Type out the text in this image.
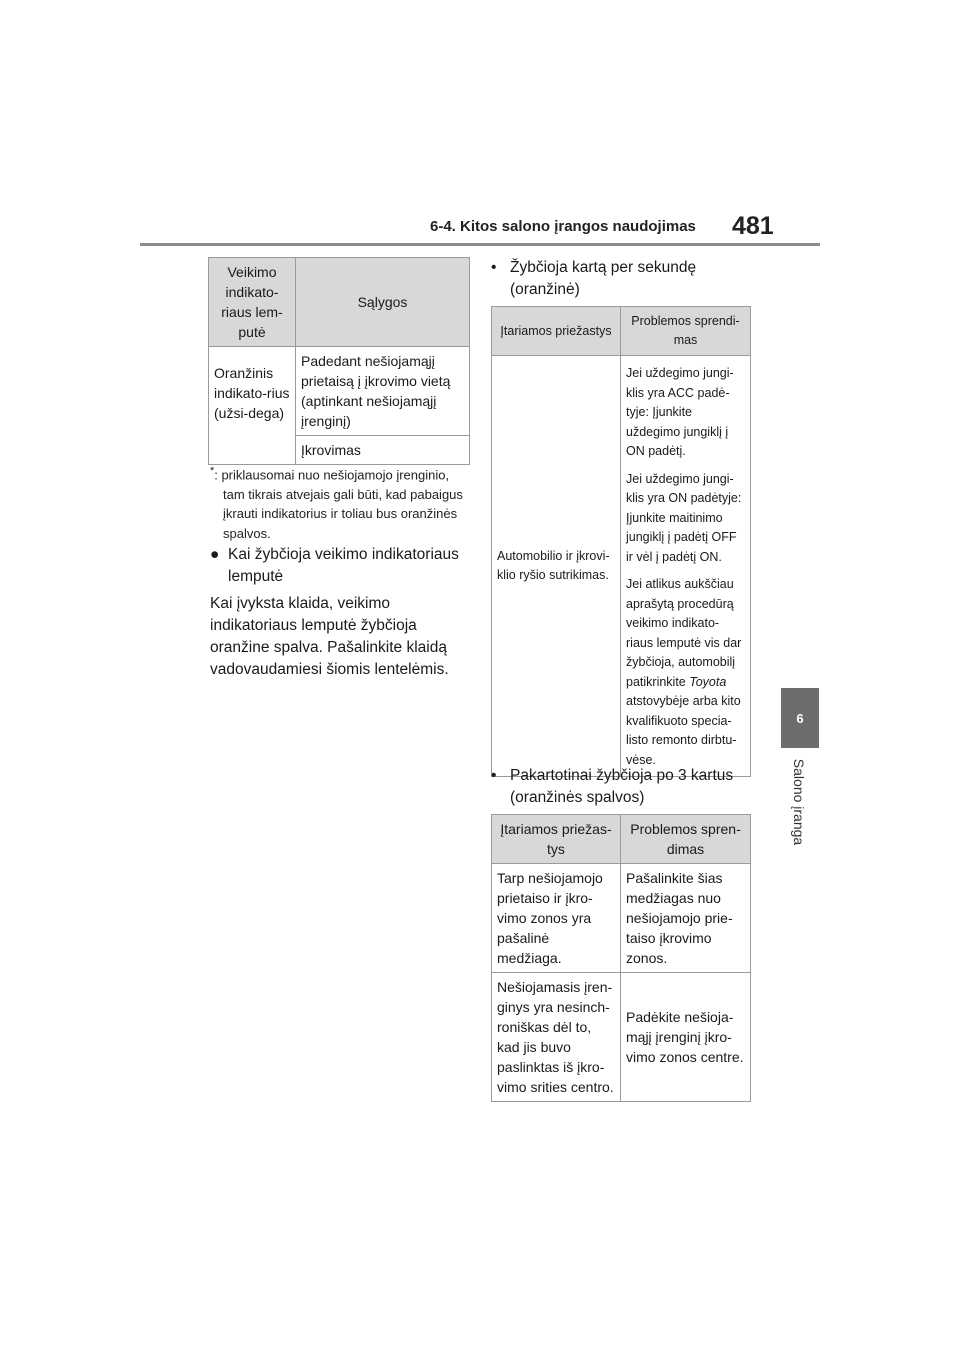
6-4. Kitos salono įrangos naudojimas 481
6
Salono įranga
Veikimo indikato-riaus lem-putė	Sąlygos
Oranžinis indikato-rius (užsi-dega)	Padedant nešiojamąjį prietaisą į įkrovimo vietą (aptinkant nešiojamąjį įrenginį)
	Įkrovimas
*: priklausomai nuo nešiojamojo įrenginio, tam tikrais atvejais gali būti, kad pabaigus įkrauti indikatorius ir toliau bus oranžinės spalvos.
● Kai žybčioja veikimo indikatoriaus lemputė
Kai įvyksta klaida, veikimo indikatoriaus lemputė žybčioja oranžine spalva. Pašalinkite klaidą vadovaudamiesi šiomis lentelėmis.
• Žybčioja kartą per sekundę (oranžinė)
Įtariamos priežastys	Problemos sprendi-mas
Automobilio ir įkrovi-klio ryšio sutrikimas.	Jei uždegimo jungi-klis yra ACC padė-tyje: Įjunkite uždegimo jungiklį į ON padėtį.

Jei uždegimo jungi-klis yra ON padėtyje: Įjunkite maitinimo jungiklį į padėtį OFF ir vėl į padėtį ON.

Jei atlikus aukščiau aprašytą procedūrą veikimo indikato-riaus lemputė vis dar žybčioja, automobilį patikrinkite Toyota atstovybėje arba kito kvalifikuoto specia-listo remonto dirbtu-vėse.

• Pakartotinai žybčioja po 3 kartus (oranžinės spalvos)
Įtariamos priežas-tys	Problemos spren-dimas
Tarp nešiojamojo prietaiso ir įkro-vimo zonos yra pašalinė medžiaga.	Pašalinkite šias medžiagas nuo nešiojamojo prie-taiso įkrovimo zonos.
Nešiojamasis įren-ginys yra nesinch-roniškas dėl to, kad jis buvo paslinktas iš įkro-vimo srities centro.	Padėkite nešioja-mąjį įrenginį įkro-vimo zonos centre.
